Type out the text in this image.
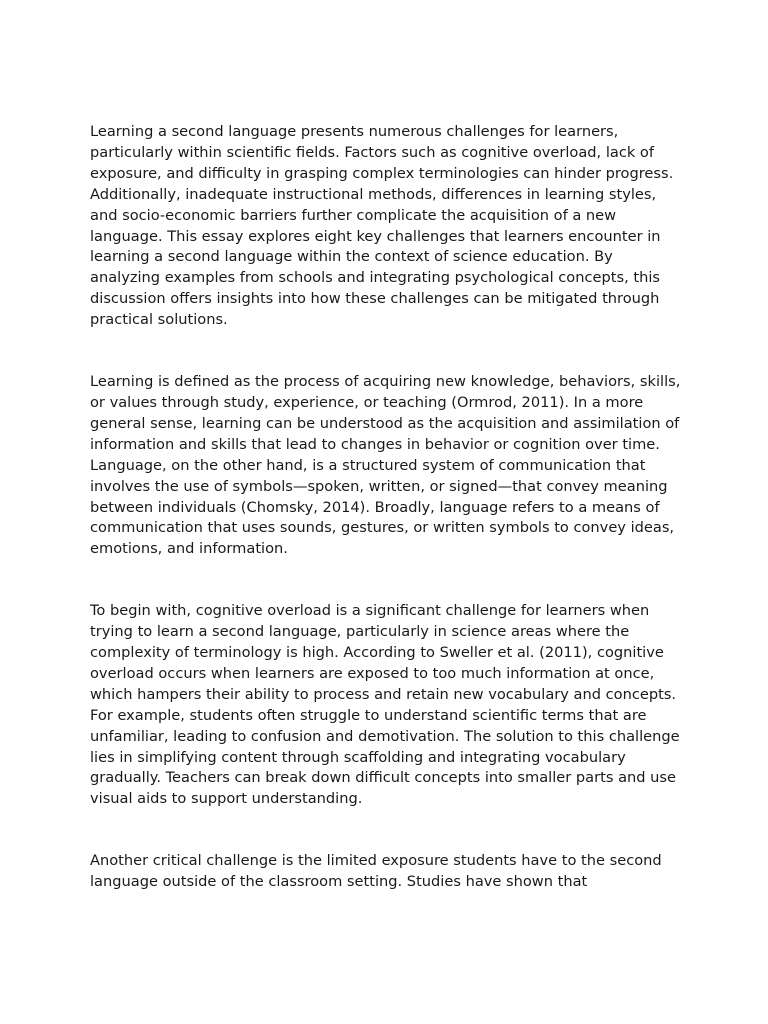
Learning a second language presents numerous challenges for learners, particularly within scientific fields. Factors such as cognitive overload, lack of exposure, and difficulty in grasping complex terminologies can hinder progress. Additionally, inadequate instructional methods, differences in learning styles, and socio-economic barriers further complicate the acquisition of a new language. This essay explores eight key challenges that learners encounter in learning a second language within the context of science education. By analyzing examples from schools and integrating psychological concepts, this discussion offers insights into how these challenges can be mitigated through practical solutions.

Learning is defined as the process of acquiring new knowledge, behaviors, skills, or values through study, experience, or teaching (Ormrod, 2011). In a more general sense, learning can be understood as the acquisition and assimilation of information and skills that lead to changes in behavior or cognition over time. Language, on the other hand, is a structured system of communication that involves the use of symbols—spoken, written, or signed—that convey meaning between individuals (Chomsky, 2014). Broadly, language refers to a means of communication that uses sounds, gestures, or written symbols to convey ideas, emotions, and information.

To begin with, cognitive overload is a significant challenge for learners when trying to learn a second language, particularly in science areas where the complexity of terminology is high. According to Sweller et al. (2011), cognitive overload occurs when learners are exposed to too much information at once, which hampers their ability to process and retain new vocabulary and concepts. For example, students often struggle to understand scientific terms that are unfamiliar, leading to confusion and demotivation. The solution to this challenge lies in simplifying content through scaffolding and integrating vocabulary gradually. Teachers can break down difficult concepts into smaller parts and use visual aids to support understanding.

Another critical challenge is the limited exposure students have to the second language outside of the classroom setting. Studies have shown that
